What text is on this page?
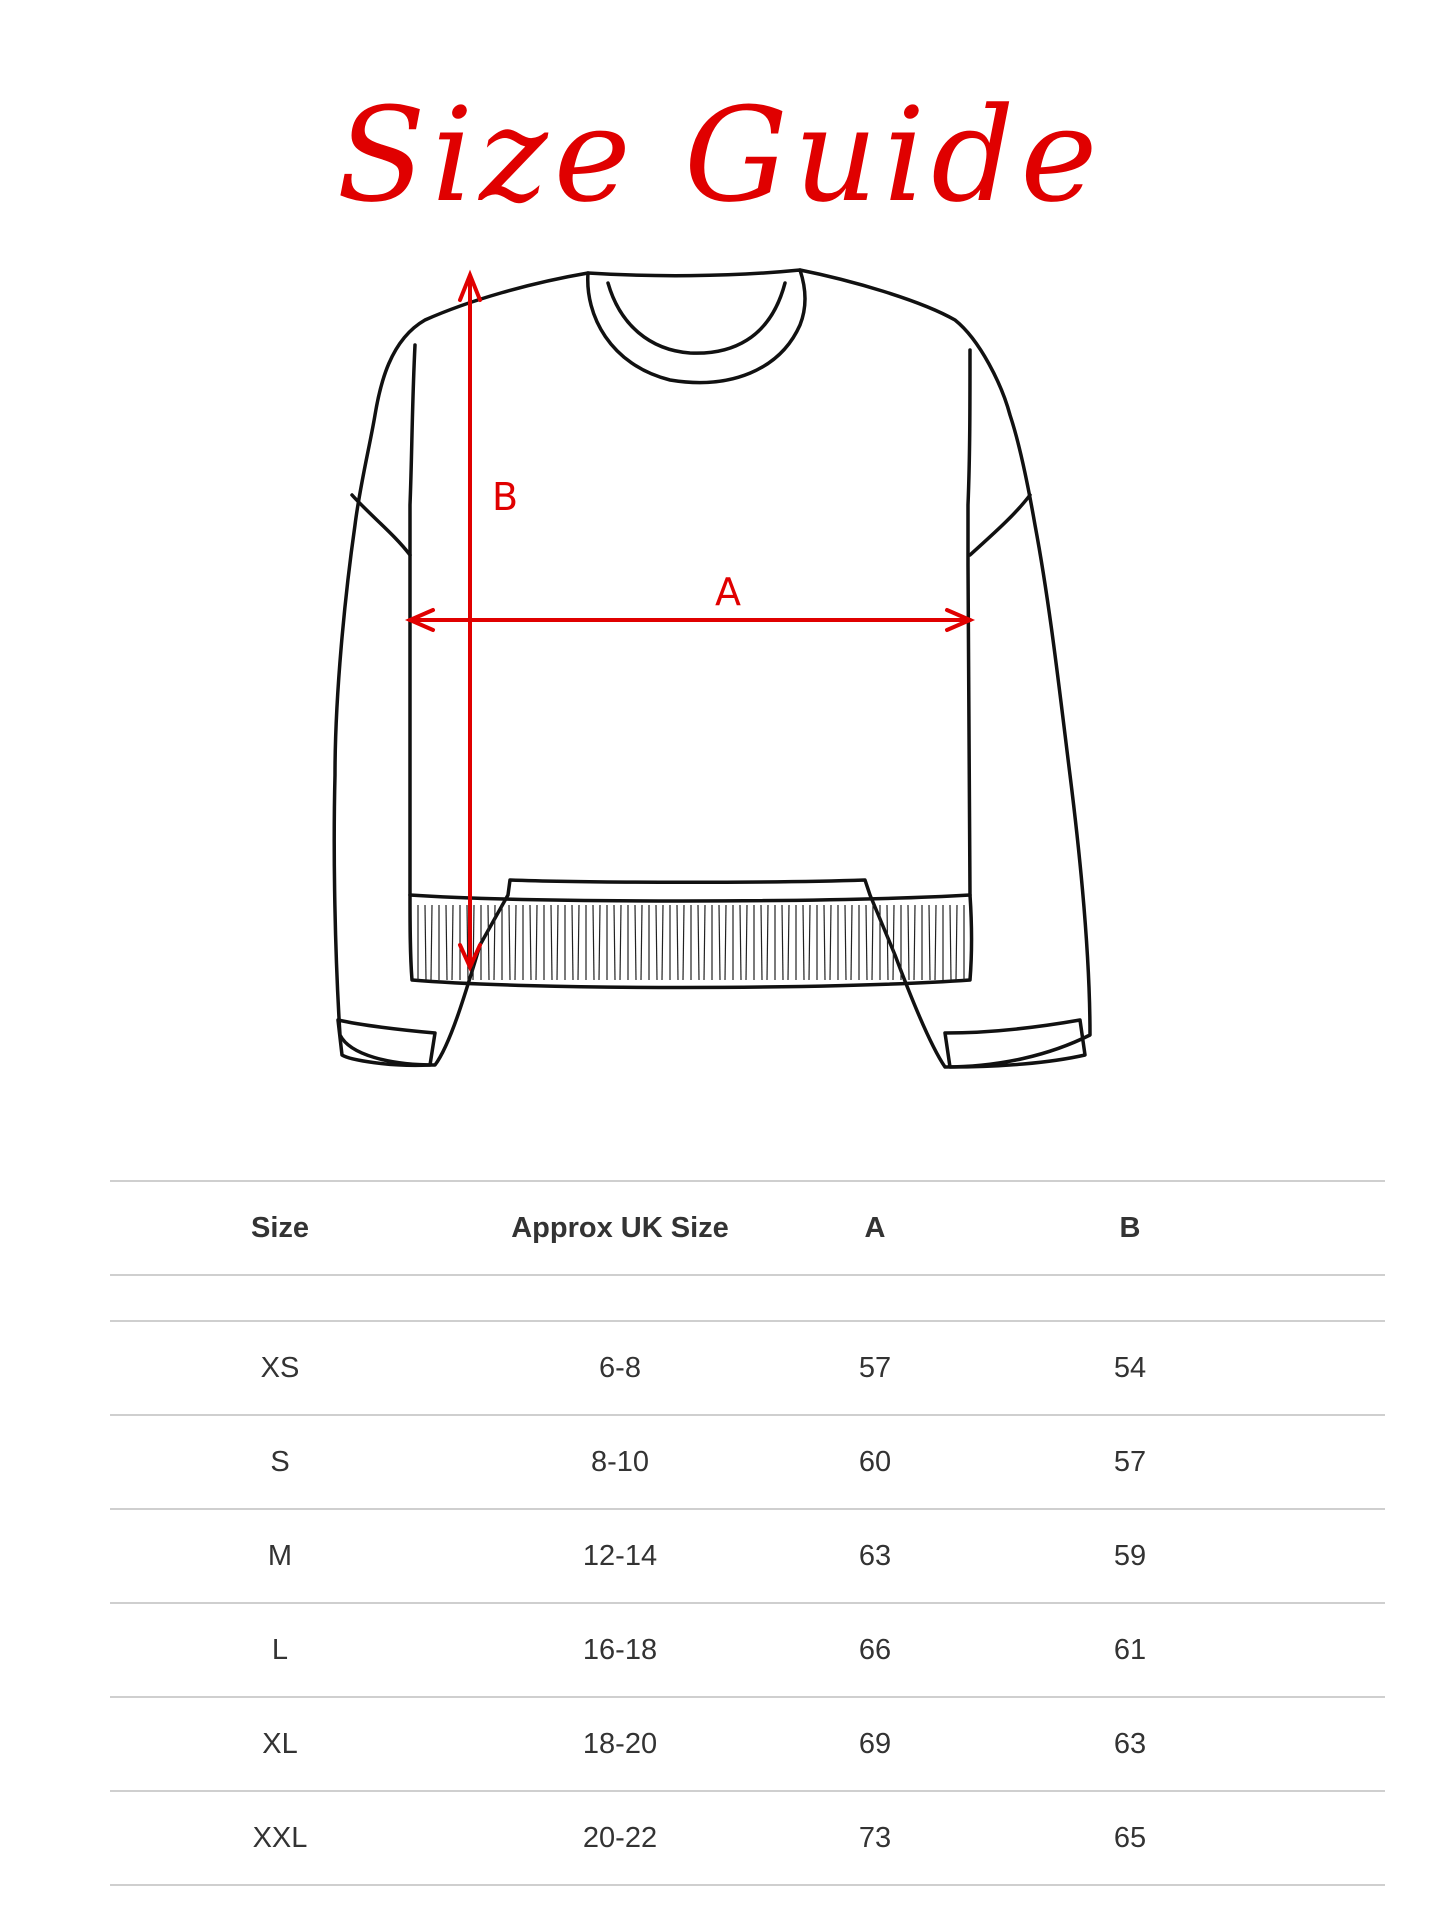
Size Guide
B
A
Size	Approx UK Size	A	B	

XS	6-8	57	54	
S	8-10	60	57	
M	12-14	63	59	
L	16-18	66	61	
XL	18-20	69	63	
XXL	20-22	73	65	
